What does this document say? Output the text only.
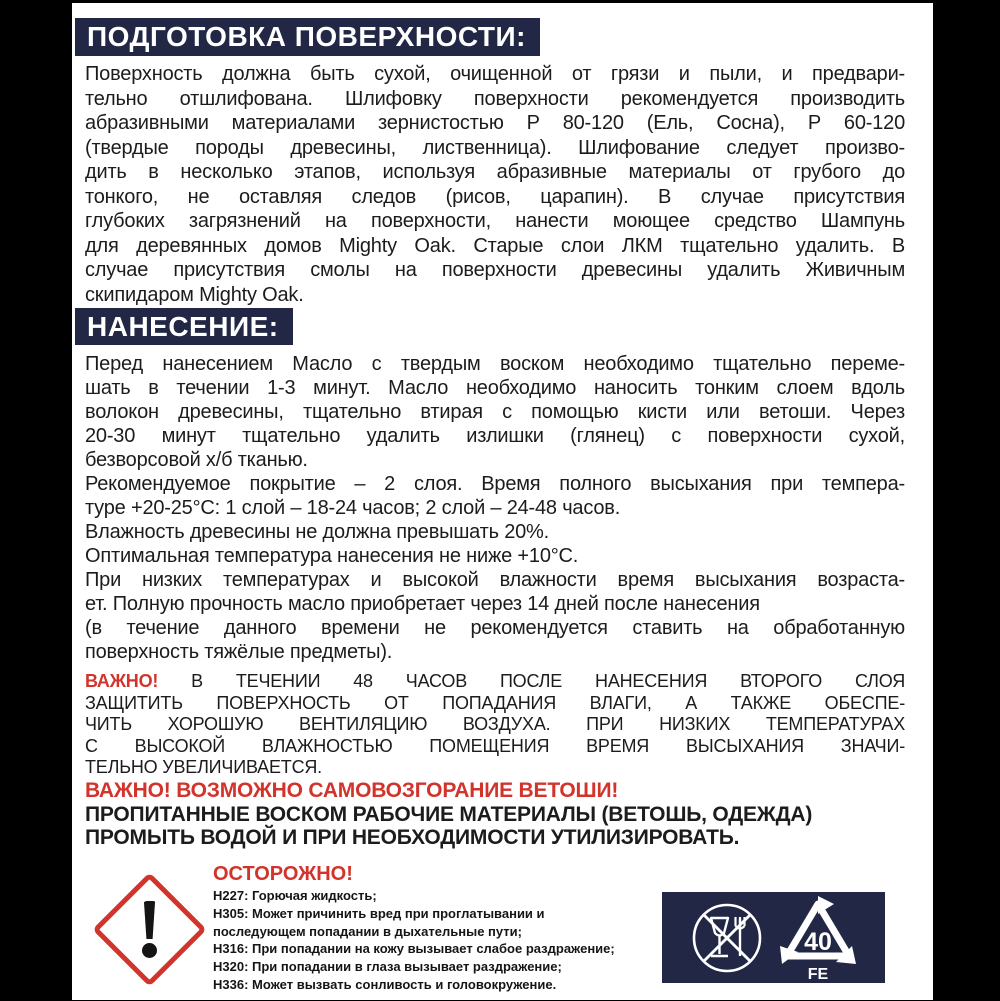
ПОДГОТОВКА ПОВЕРХНОСТИ:
Поверхность должна быть сухой, очищенной от грязи и пыли, и предвари-
тельно отшлифована. Шлифовку поверхности рекомендуется производить
абразивными материалами зернистостью Р 80-120 (Ель, Сосна), Р 60-120
(твердые породы древесины, лиственница). Шлифование следует произво-
дить в несколько этапов, используя абразивные материалы от грубого до
тонкого, не оставляя следов (рисов, царапин). В случае присутствия
глубоких загрязнений на поверхности, нанести моющее средство Шампунь
для деревянных домов Mighty Oak. Старые слои ЛКМ тщательно удалить. В
случае присутствия смолы на поверхности древесины удалить Живичным
скипидаром Mighty Oak.
НАНЕСЕНИЕ:
Перед нанесением Масло с твердым воском необходимо тщательно переме-
шать в течении 1-3 минут. Масло необходимо наносить тонким слоем вдоль
волокон древесины, тщательно втирая с помощью кисти или ветоши. Через
20-30 минут тщательно удалить излишки (глянец) с поверхности сухой,
безворсовой х/б тканью.
Рекомендуемое покрытие – 2 слоя. Время полного высыхания при темпера-
туре +20-25°С: 1 слой – 18-24 часов; 2 слой – 24-48 часов.
Влажность древесины не должна превышать 20%.
Оптимальная температура нанесения не ниже +10°С.
При низких температурах и высокой влажности время высыхания возраста-
ет. Полную прочность масло приобретает через 14 дней после нанесения
(в течение данного времени не рекомендуется ставить на обработанную
поверхность тяжёлые предметы).
ВАЖНО! В ТЕЧЕНИИ 48 ЧАСОВ ПОСЛЕ НАНЕСЕНИЯ ВТОРОГО СЛОЯ
ЗАЩИТИТЬ ПОВЕРХНОСТЬ ОТ ПОПАДАНИЯ ВЛАГИ, А ТАКЖЕ ОБЕСПЕ-
ЧИТЬ ХОРОШУЮ ВЕНТИЛЯЦИЮ ВОЗДУХА. ПРИ НИЗКИХ ТЕМПЕРАТУРАХ
С ВЫСОКОЙ ВЛАЖНОСТЬЮ ПОМЕЩЕНИЯ ВРЕМЯ ВЫСЫХАНИЯ ЗНАЧИ-
ТЕЛЬНО УВЕЛИЧИВАЕТСЯ.
ВАЖНО! ВОЗМОЖНО САМОВОЗГОРАНИЕ ВЕТОШИ!
ПРОПИТАННЫЕ ВОСКОМ РАБОЧИЕ МАТЕРИАЛЫ (ВЕТОШЬ, ОДЕЖДА)
ПРОМЫТЬ ВОДОЙ И ПРИ НЕОБХОДИМОСТИ УТИЛИЗИРОВАТЬ.
ОСТОРОЖНО!
H227: Горючая жидкость;
H305: Может причинить вред при проглатывании и
последующем попадании в дыхательные пути;
H316: При попадании на кожу вызывает слабое раздражение;
H320: При попадании в глаза вызывает раздражение;
H336: Может вызвать сонливость и головокружение.
40
FE
